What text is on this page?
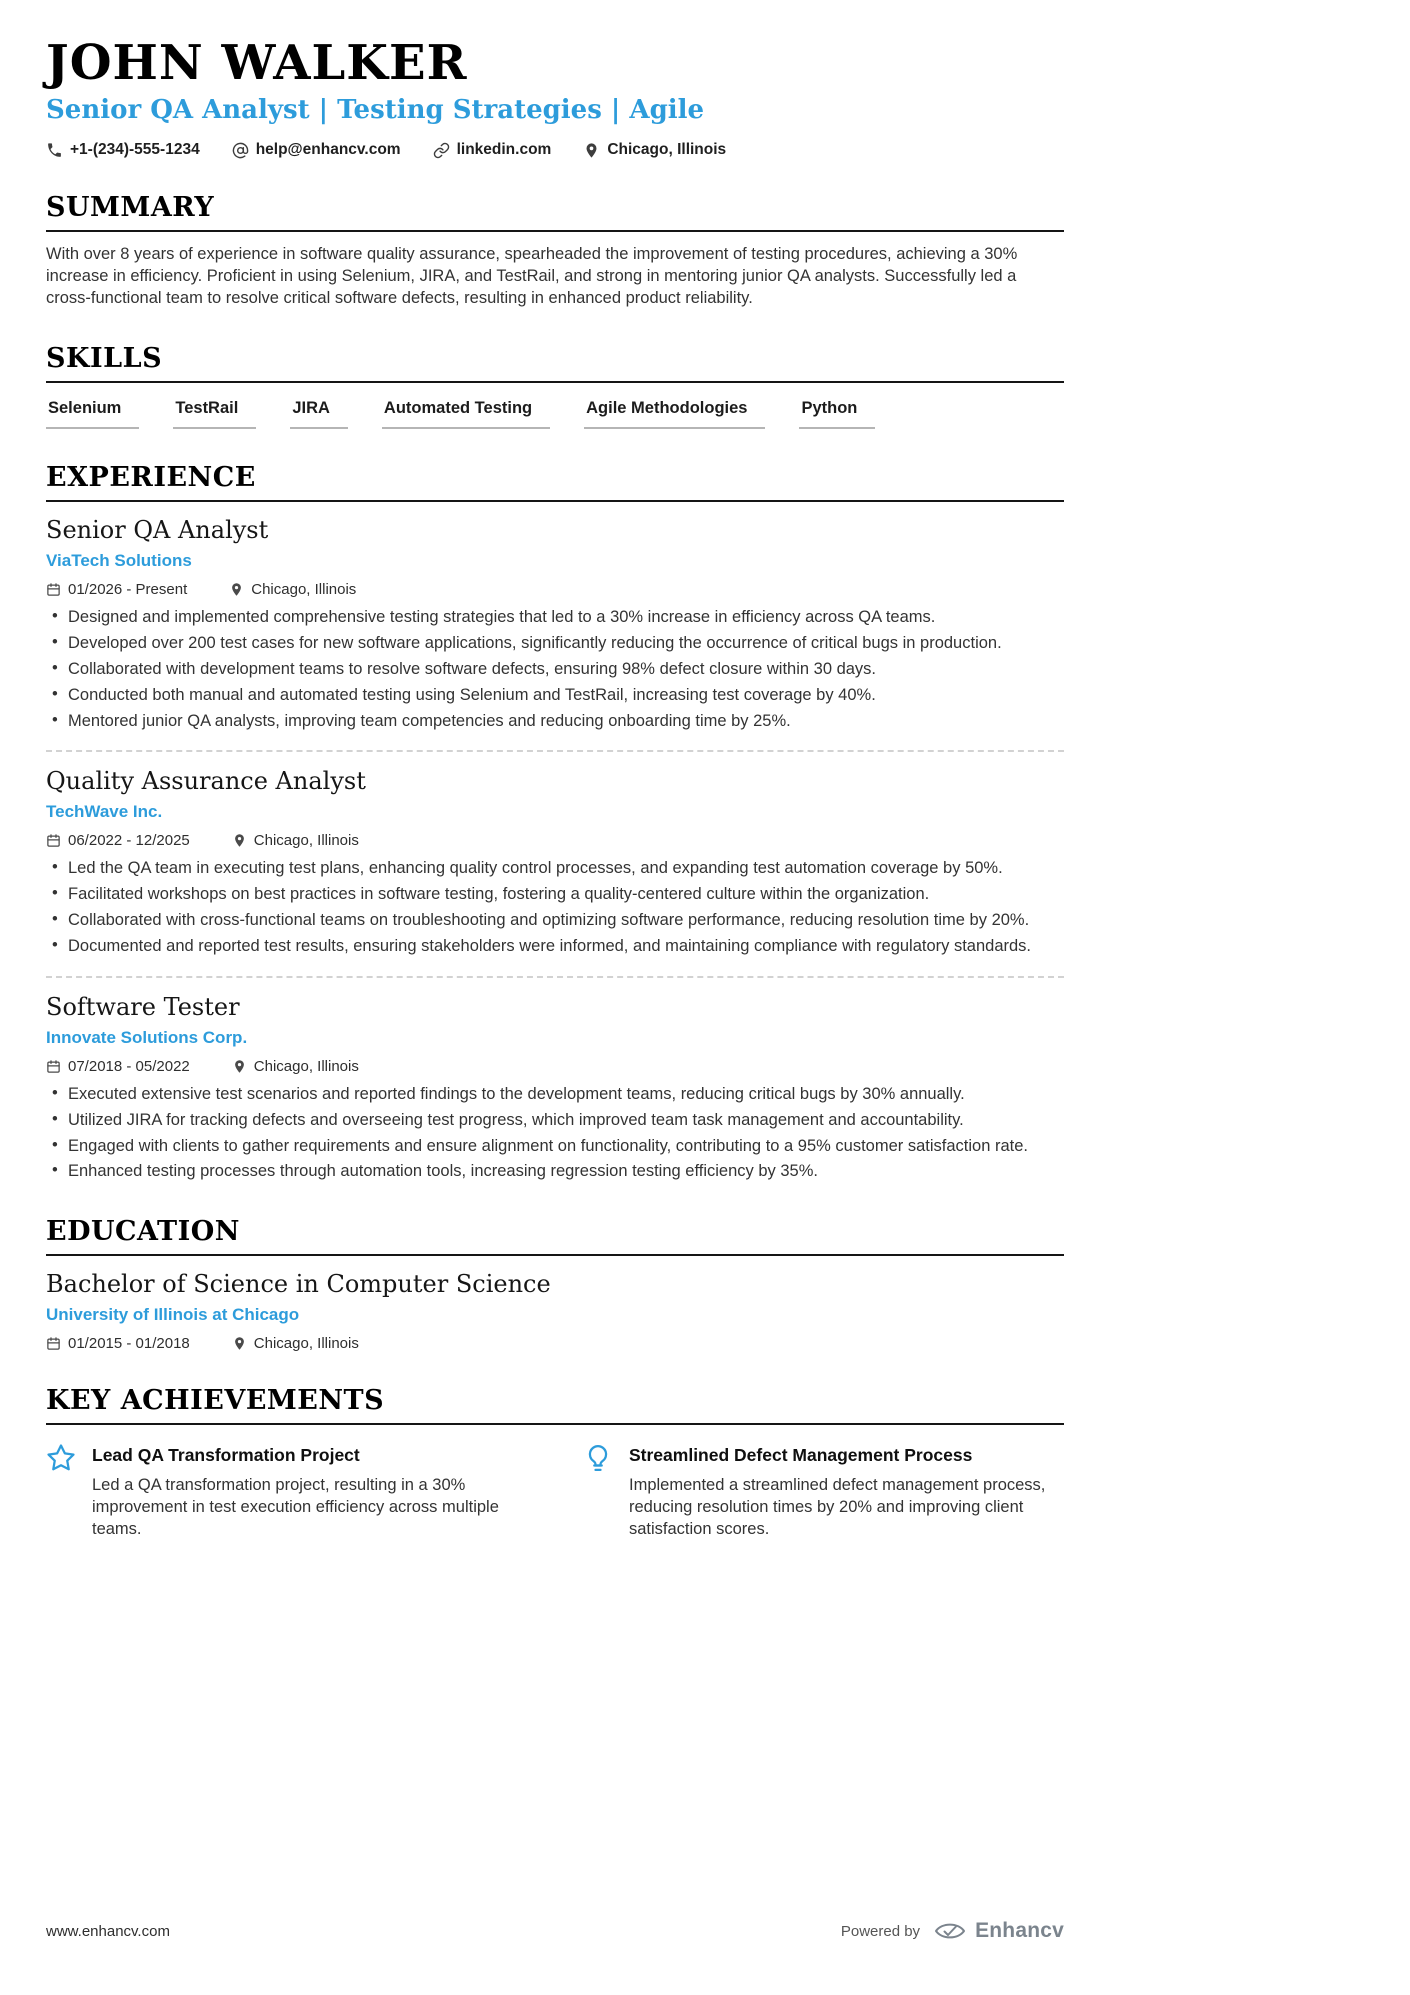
JOHN WALKER
Senior QA Analyst | Testing Strategies | Agile
+1-(234)-555-1234	help@enhancv.com	linkedin.com	Chicago, Illinois
SUMMARY
With over 8 years of experience in software quality assurance, spearheaded the improvement of testing procedures, achieving a 30% increase in efficiency. Proficient in using Selenium, JIRA, and TestRail, and strong in mentoring junior QA analysts. Successfully led a cross-functional team to resolve critical software defects, resulting in enhanced product reliability.
SKILLS
Selenium	TestRail	JIRA	Automated Testing	Agile Methodologies	Python
EXPERIENCE
Senior QA Analyst
ViaTech Solutions
01/2026 - Present	Chicago, Illinois
• Designed and implemented comprehensive testing strategies that led to a 30% increase in efficiency across QA teams.
• Developed over 200 test cases for new software applications, significantly reducing the occurrence of critical bugs in production.
• Collaborated with development teams to resolve software defects, ensuring 98% defect closure within 30 days.
• Conducted both manual and automated testing using Selenium and TestRail, increasing test coverage by 40%.
• Mentored junior QA analysts, improving team competencies and reducing onboarding time by 25%.
Quality Assurance Analyst
TechWave Inc.
06/2022 - 12/2025	Chicago, Illinois
• Led the QA team in executing test plans, enhancing quality control processes, and expanding test automation coverage by 50%.
• Facilitated workshops on best practices in software testing, fostering a quality-centered culture within the organization.
• Collaborated with cross-functional teams on troubleshooting and optimizing software performance, reducing resolution time by 20%.
• Documented and reported test results, ensuring stakeholders were informed, and maintaining compliance with regulatory standards.
Software Tester
Innovate Solutions Corp.
07/2018 - 05/2022	Chicago, Illinois
• Executed extensive test scenarios and reported findings to the development teams, reducing critical bugs by 30% annually.
• Utilized JIRA for tracking defects and overseeing test progress, which improved team task management and accountability.
• Engaged with clients to gather requirements and ensure alignment on functionality, contributing to a 95% customer satisfaction rate.
• Enhanced testing processes through automation tools, increasing regression testing efficiency by 35%.
EDUCATION
Bachelor of Science in Computer Science
University of Illinois at Chicago
01/2015 - 01/2018	Chicago, Illinois
KEY ACHIEVEMENTS
Lead QA Transformation Project
Led a QA transformation project, resulting in a 30% improvement in test execution efficiency across multiple teams.
Streamlined Defect Management Process
Implemented a streamlined defect management process, reducing resolution times by 20% and improving client satisfaction scores.
www.enhancv.com	Powered by	Enhancv
